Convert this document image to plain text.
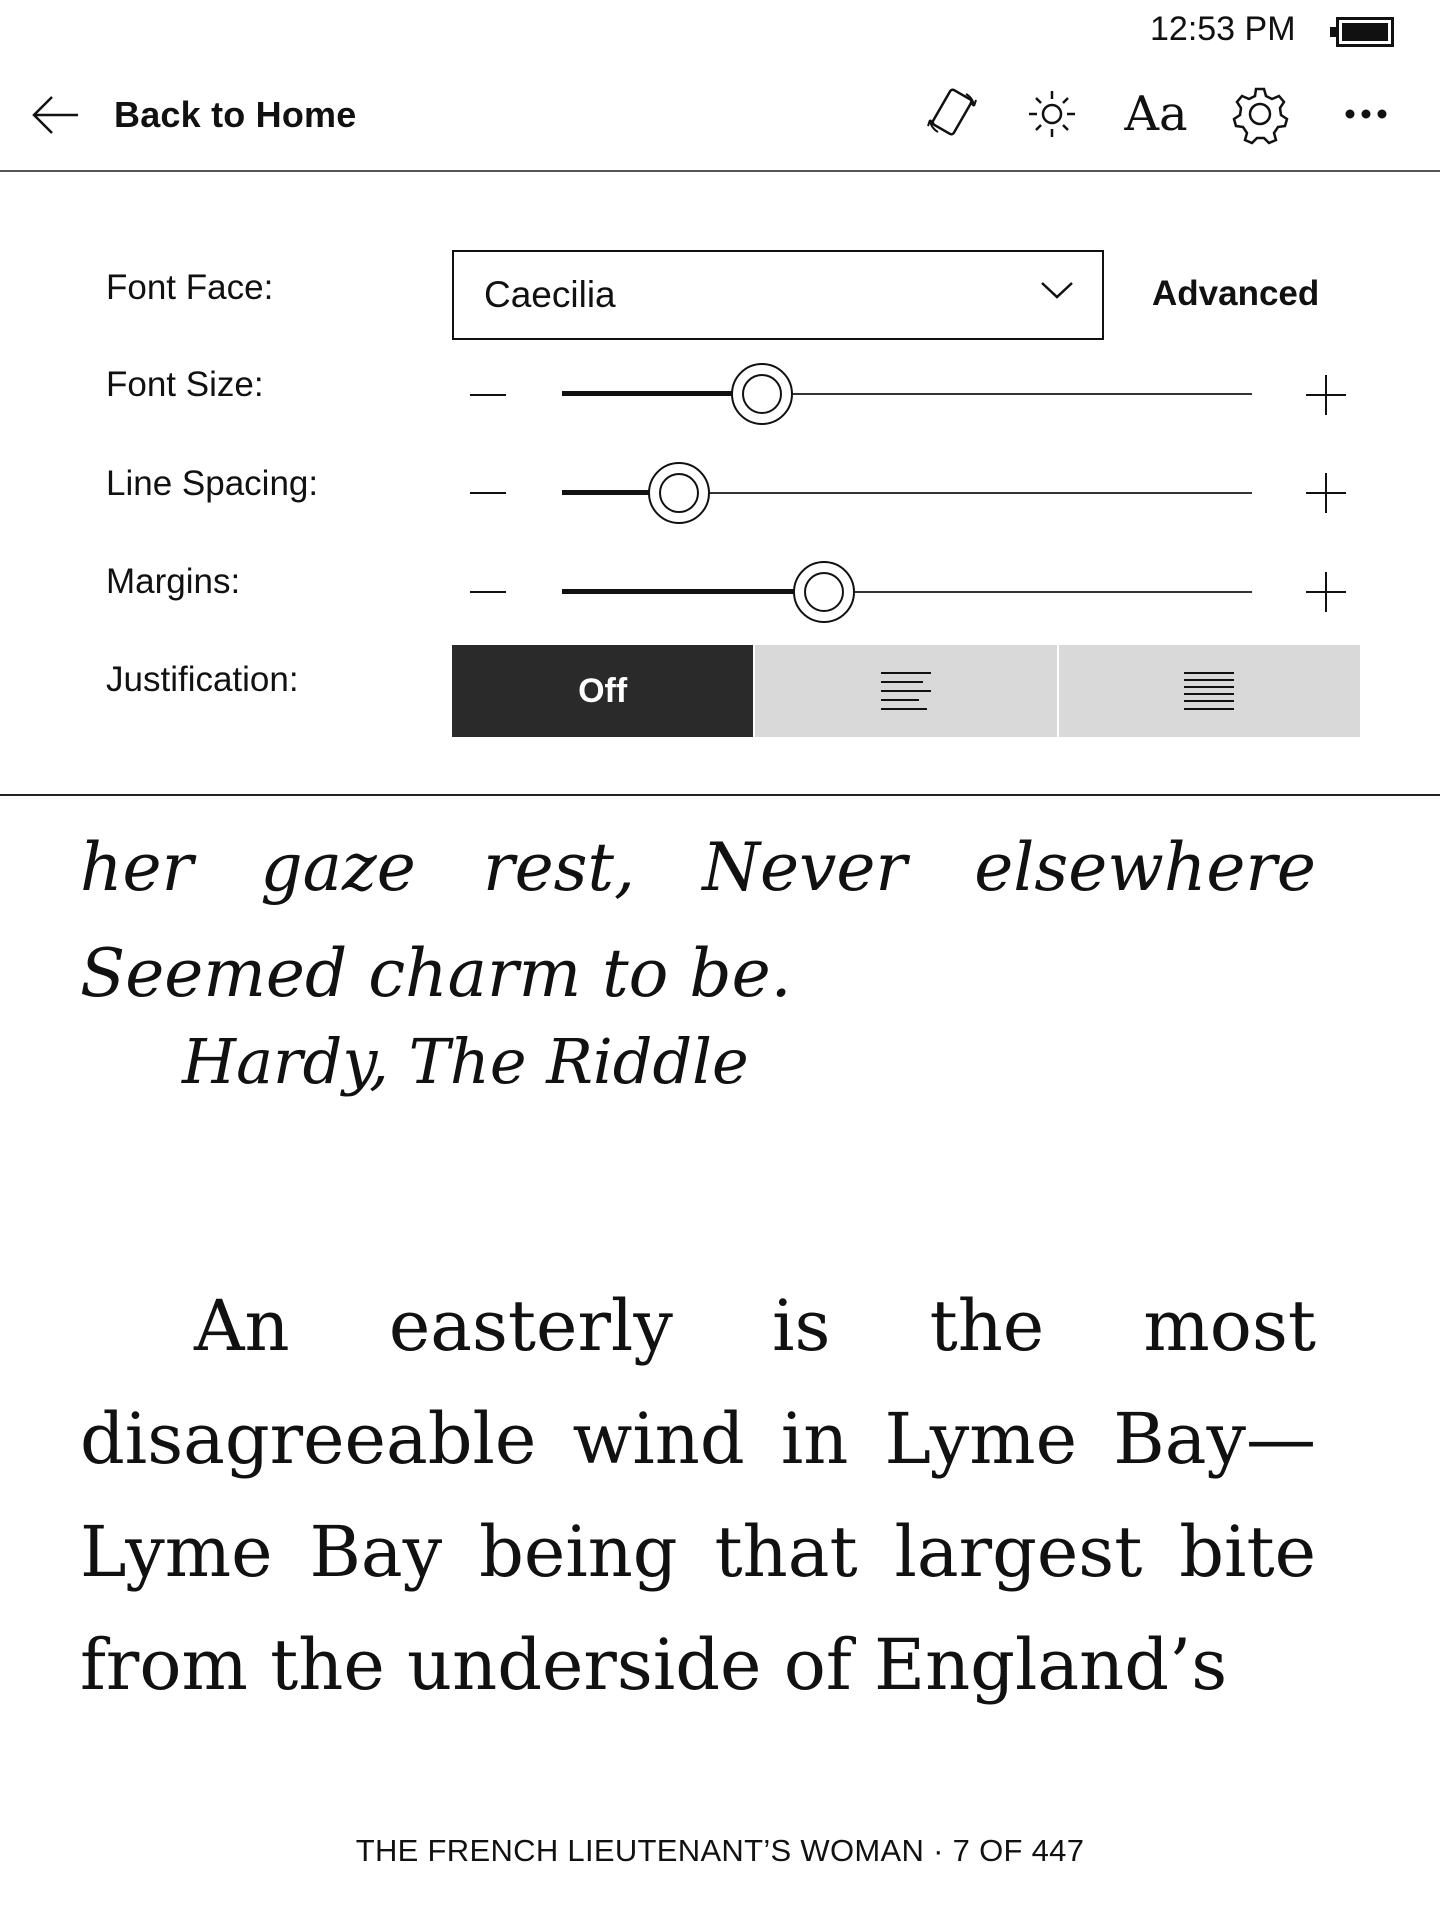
12:53 PM
Back to Home	Aa
Font Face:	Caecilia	Advanced
Font Size:
Line Spacing:
Margins:
Justification:	Off

her gaze rest, Never elsewhere Seemed charm to be.

Hardy, The Riddle

An easterly is the most disagreeable wind in Lyme Bay—Lyme Bay being that largest bite from the underside of England’s

THE FRENCH LIEUTENANT’S WOMAN · 7 OF 447
